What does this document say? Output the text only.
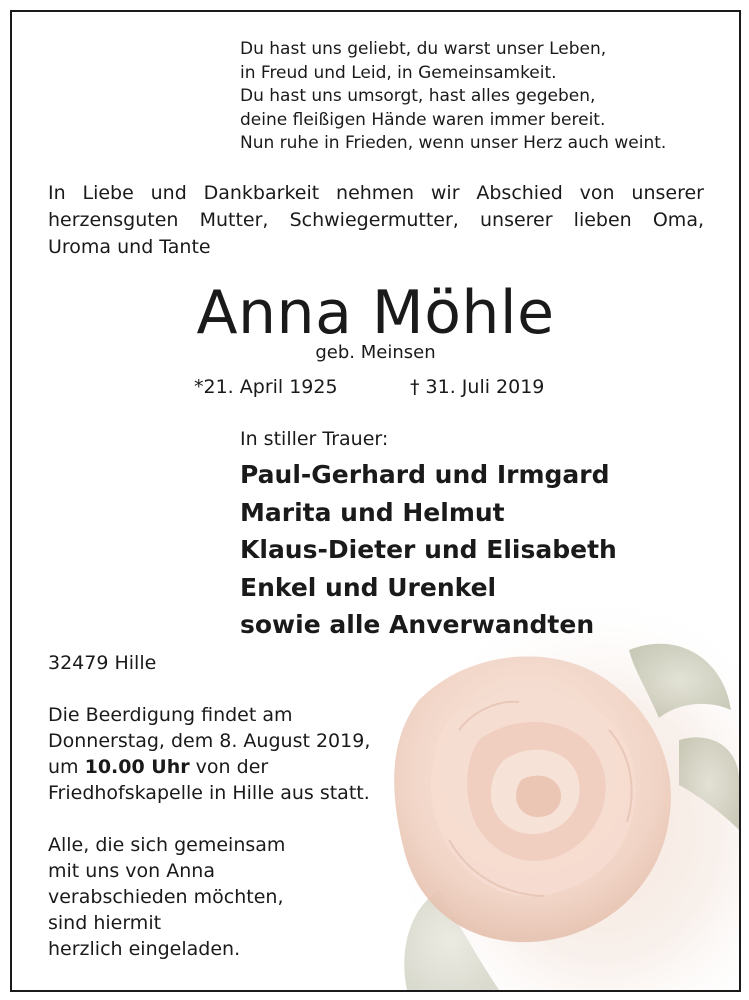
Du hast uns geliebt, du warst unser Leben,
in Freud und Leid, in Gemeinsamkeit.
Du hast uns umsorgt, hast alles gegeben,
deine fleißigen Hände waren immer bereit.
Nun ruhe in Frieden, wenn unser Herz auch weint.
In Liebe und Dankbarkeit nehmen wir Abschied von unserer
herzensguten Mutter, Schwiegermutter, unserer lieben Oma,
Uroma und Tante
Anna Möhle
geb. Meinsen
*21. April 1925	† 31. Juli 2019
In stiller Trauer:
Paul-Gerhard und Irmgard
Marita und Helmut
Klaus-Dieter und Elisabeth
Enkel und Urenkel
sowie alle Anverwandten
32479 Hille
Die Beerdigung findet am
Donnerstag, dem 8. August 2019,
um 10.00 Uhr von der
Friedhofskapelle in Hille aus statt.
Alle, die sich gemeinsam
mit uns von Anna
verabschieden möchten,
sind hiermit
herzlich eingeladen.
